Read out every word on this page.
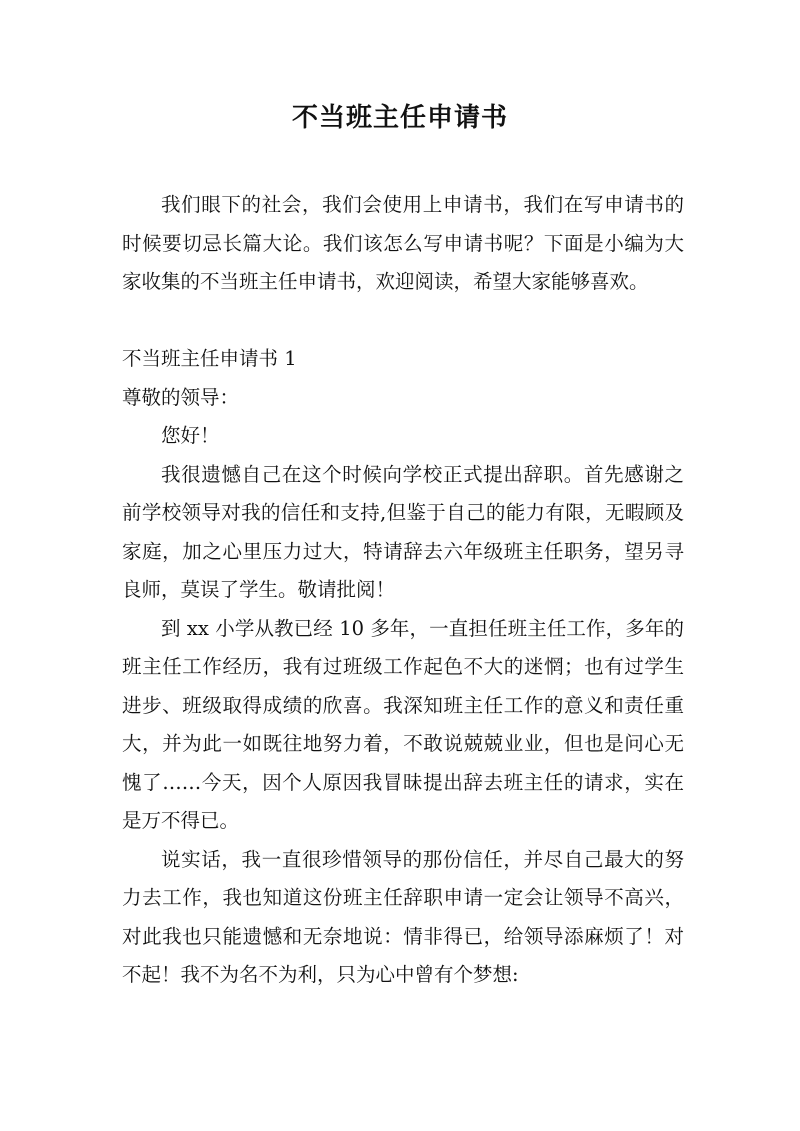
不当班主任申请书

我们眼下的社会，我们会使用上申请书，我们在写申请书的时候要切忌长篇大论。我们该怎么写申请书呢？下面是小编为大家收集的不当班主任申请书，欢迎阅读，希望大家能够喜欢。

不当班主任申请书 1

尊敬的领导：

您好！

我很遗憾自己在这个时候向学校正式提出辞职。首先感谢之前学校领导对我的信任和支持,但鉴于自己的能力有限，无暇顾及家庭，加之心里压力过大，特请辞去六年级班主任职务，望另寻良师，莫误了学生。敬请批阅！

到 xx 小学从教已经 10 多年，一直担任班主任工作，多年的班主任工作经历，我有过班级工作起色不大的迷惘；也有过学生进步、班级取得成绩的欣喜。我深知班主任工作的意义和责任重大，并为此一如既往地努力着，不敢说兢兢业业，但也是问心无愧了……今天，因个人原因我冒昧提出辞去班主任的请求，实在是万不得已。

说实话，我一直很珍惜领导的那份信任，并尽自己最大的努力去工作，我也知道这份班主任辞职申请一定会让领导不高兴，对此我也只能遗憾和无奈地说：情非得已，给领导添麻烦了！对不起！我不为名不为利，只为心中曾有个梦想:
